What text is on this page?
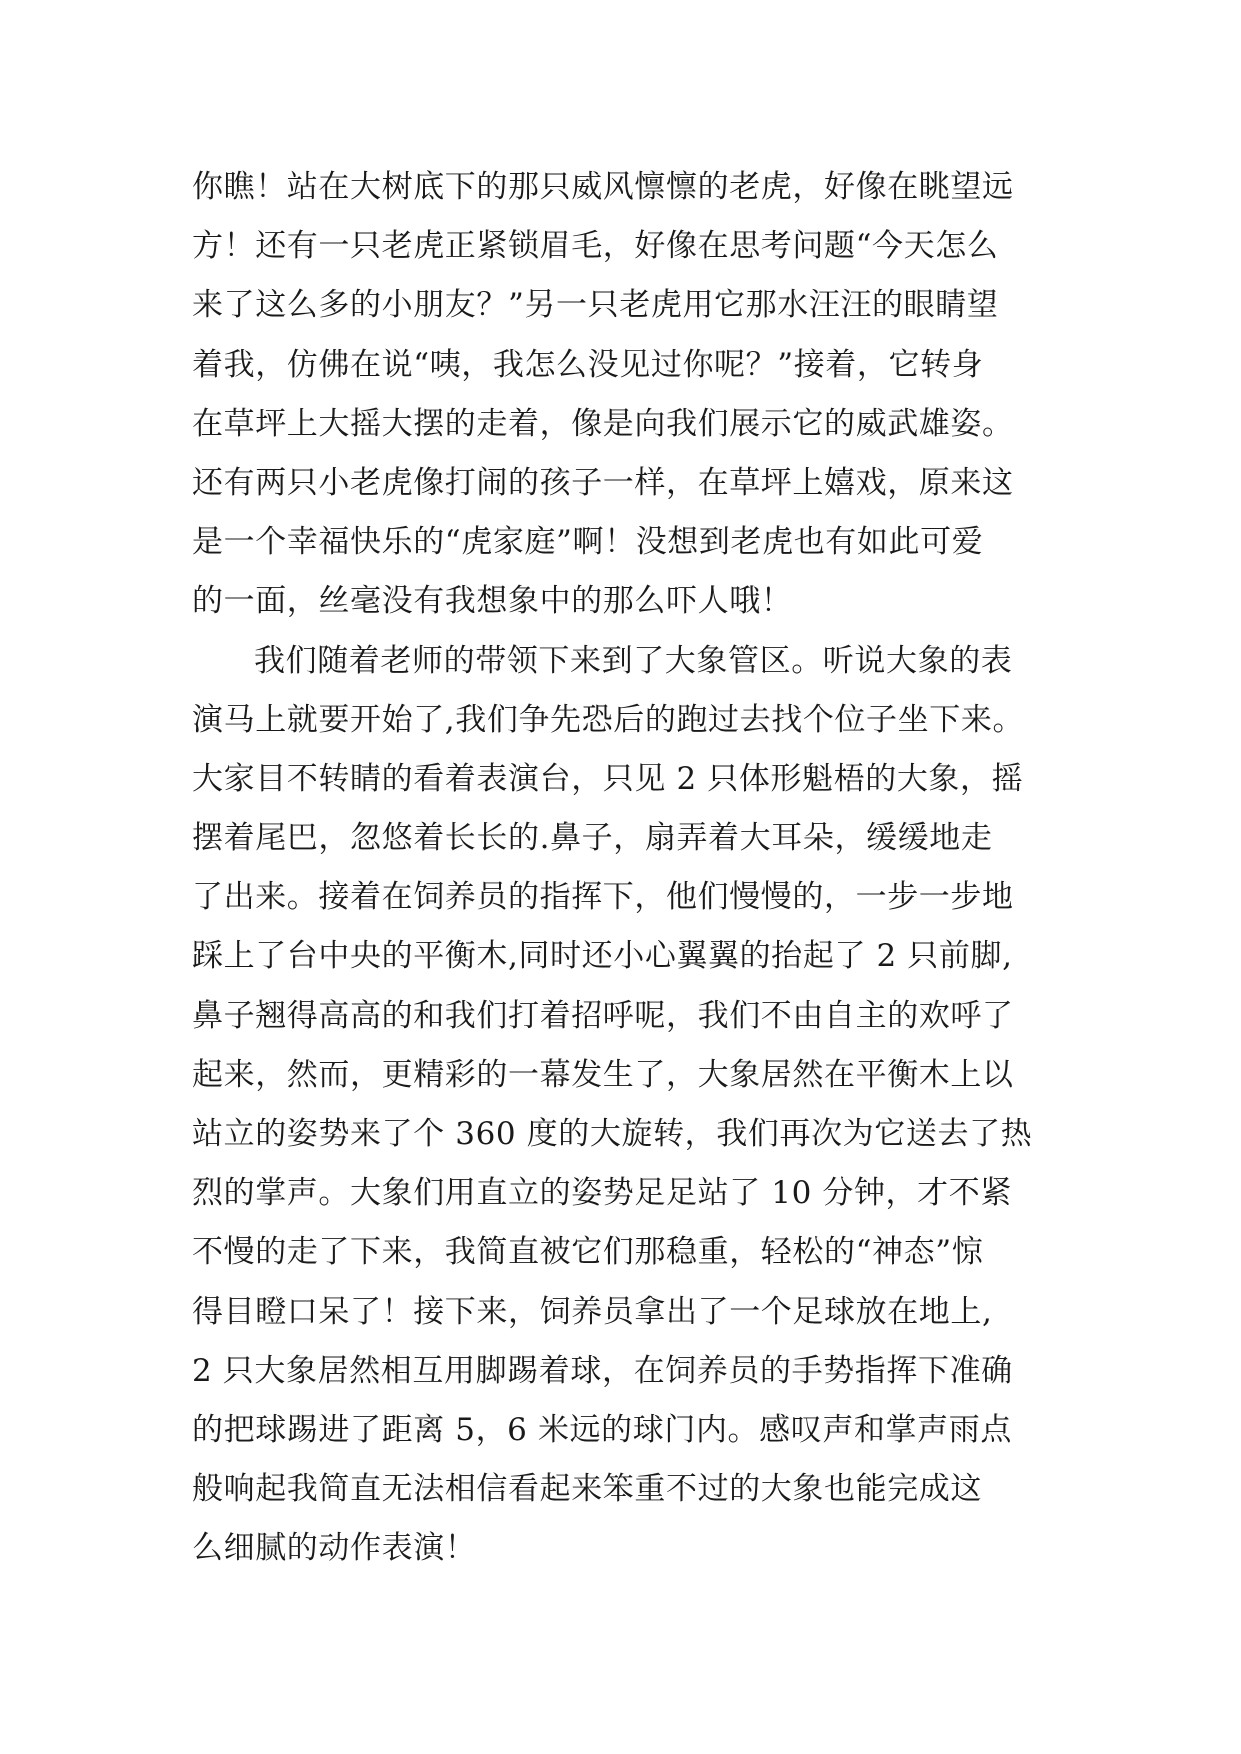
你瞧！站在大树底下的那只威风懔懔的老虎，好像在眺望远
方！还有一只老虎正紧锁眉毛，好像在思考问题“今天怎么
来了这么多的小朋友？”另一只老虎用它那水汪汪的眼睛望
着我，仿佛在说“咦，我怎么没见过你呢？”接着，它转身
在草坪上大摇大摆的走着，像是向我们展示它的威武雄姿。
还有两只小老虎像打闹的孩子一样，在草坪上嬉戏，原来这
是一个幸福快乐的“虎家庭”啊！没想到老虎也有如此可爱
的一面，丝毫没有我想象中的那么吓人哦！
我们随着老师的带领下来到了大象管区。听说大象的表
演马上就要开始了,我们争先恐后的跑过去找个位子坐下来。
大家目不转睛的看着表演台，只见 2 只体形魁梧的大象，摇
摆着尾巴，忽悠着长长的.鼻子，扇弄着大耳朵，缓缓地走
了出来。接着在饲养员的指挥下，他们慢慢的，一步一步地
踩上了台中央的平衡木,同时还小心翼翼的抬起了 2 只前脚,
鼻子翘得高高的和我们打着招呼呢，我们不由自主的欢呼了
起来，然而，更精彩的一幕发生了，大象居然在平衡木上以
站立的姿势来了个 360 度的大旋转，我们再次为它送去了热
烈的掌声。大象们用直立的姿势足足站了 10 分钟，才不紧
不慢的走了下来，我简直被它们那稳重，轻松的“神态”惊
得目瞪口呆了！接下来，饲养员拿出了一个足球放在地上,
2 只大象居然相互用脚踢着球，在饲养员的手势指挥下准确
的把球踢进了距离 5，6 米远的球门内。感叹声和掌声雨点
般响起我简直无法相信看起来笨重不过的大象也能完成这
么细腻的动作表演！
